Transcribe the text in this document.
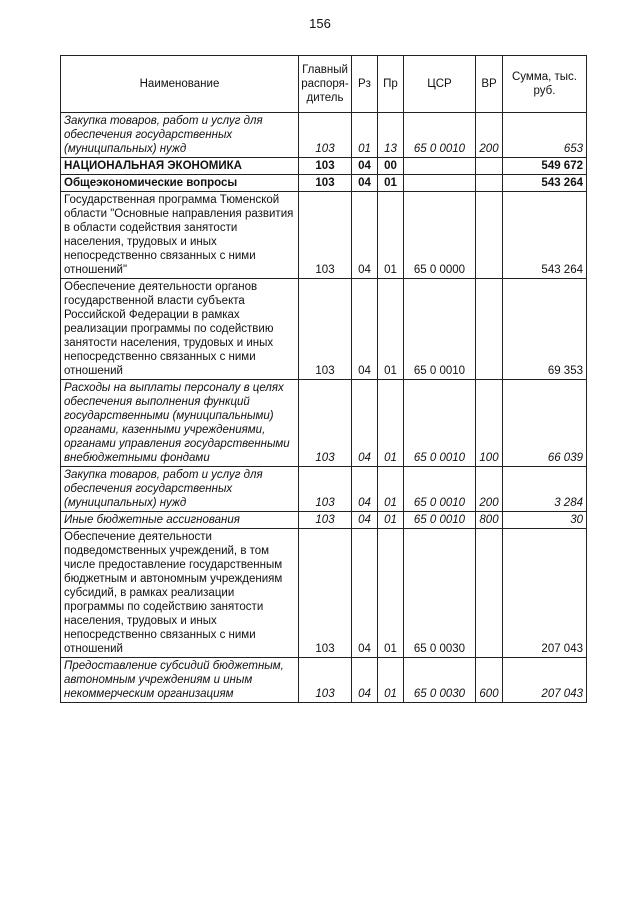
156
Наименование	Главный распоря-дитель	Рз	Пр	ЦСР	ВР	Сумма, тыс. руб.
Закупка товаров, работ и услуг для обеспечения государственных (муниципальных) нужд	103	01	13	65 0 0010	200	653
НАЦИОНАЛЬНАЯ ЭКОНОМИКА	103	04	00			549 672
Общеэкономические вопросы	103	04	01			543 264
Государственная программа Тюменской области "Основные направления развития в области содействия занятости населения, трудовых и иных непосредственно связанных с ними отношений"	103	04	01	65 0 0000		543 264
Обеспечение деятельности органов государственной власти субъекта Российской Федерации в рамках реализации программы по содействию занятости населения, трудовых и иных непосредственно связанных с ними отношений	103	04	01	65 0 0010		69 353
Расходы на выплаты персоналу в целях обеспечения выполнения функций государственными (муниципальными) органами, казенными учреждениями, органами управления государственными внебюджетными фондами	103	04	01	65 0 0010	100	66 039
Закупка товаров, работ и услуг для обеспечения государственных (муниципальных) нужд	103	04	01	65 0 0010	200	3 284
Иные бюджетные ассигнования	103	04	01	65 0 0010	800	30
Обеспечение деятельности подведомственных учреждений, в том числе предоставление государственным бюджетным и автономным учреждениям субсидий, в рамках реализации программы по содействию занятости населения, трудовых и иных непосредственно связанных с ними отношений	103	04	01	65 0 0030		207 043
Предоставление субсидий бюджетным, автономным учреждениям и иным некоммерческим организациям	103	04	01	65 0 0030	600	207 043
